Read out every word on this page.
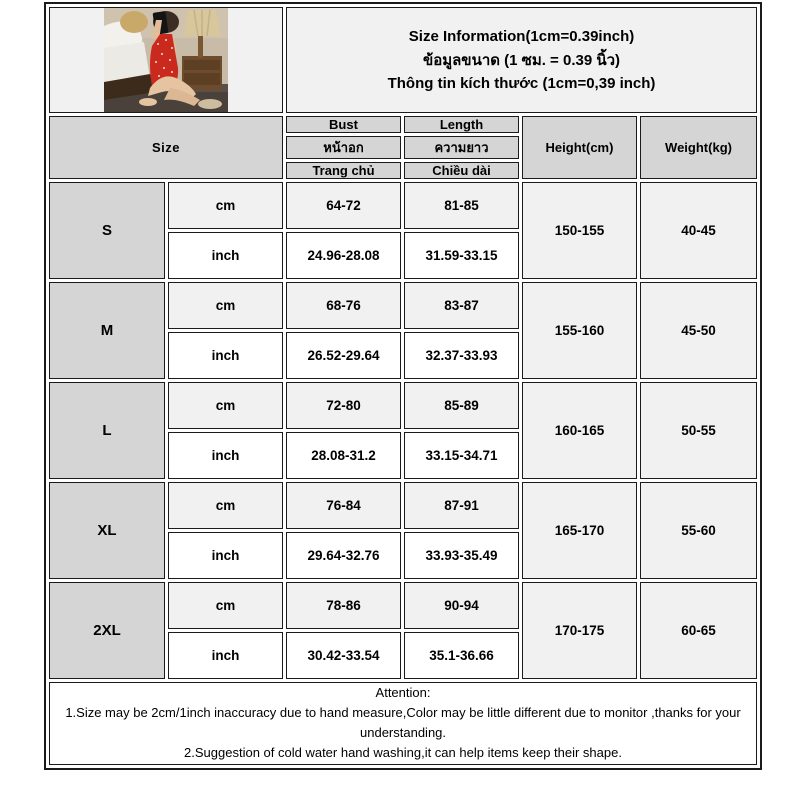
Size Information(1cm=0.39inch)
ข้อมูลขนาด (1 ซม. = 0.39 นิ้ว)
Thông tin kích thước (1cm=0,39 inch)			

Size		Bust	Length	Height(cm)	Weight(kg)
		หน้าอก	ความยาว		
		Trang chủ	Chiều dài		
S	cm	64-72	81-85	150-155	40-45
	inch	24.96-28.08	31.59-33.15		
M	cm	68-76	83-87	155-160	45-50
	inch	26.52-29.64	32.37-33.93		
L	cm	72-80	85-89	160-165	50-55
	inch	28.08-31.2	33.15-34.71		
XL	cm	76-84	87-91	165-170	55-60
	inch	29.64-32.76	33.93-35.49		
2XL	cm	78-86	90-94	170-175	60-65
	inch	30.42-33.54	35.1-36.66		

Attention:
1.Size may be 2cm/1inch inaccuracy due to hand measure,Color may be little different due to monitor ,thanks for your understanding.
2.Suggestion of cold water hand washing,it can help items keep their shape.					
